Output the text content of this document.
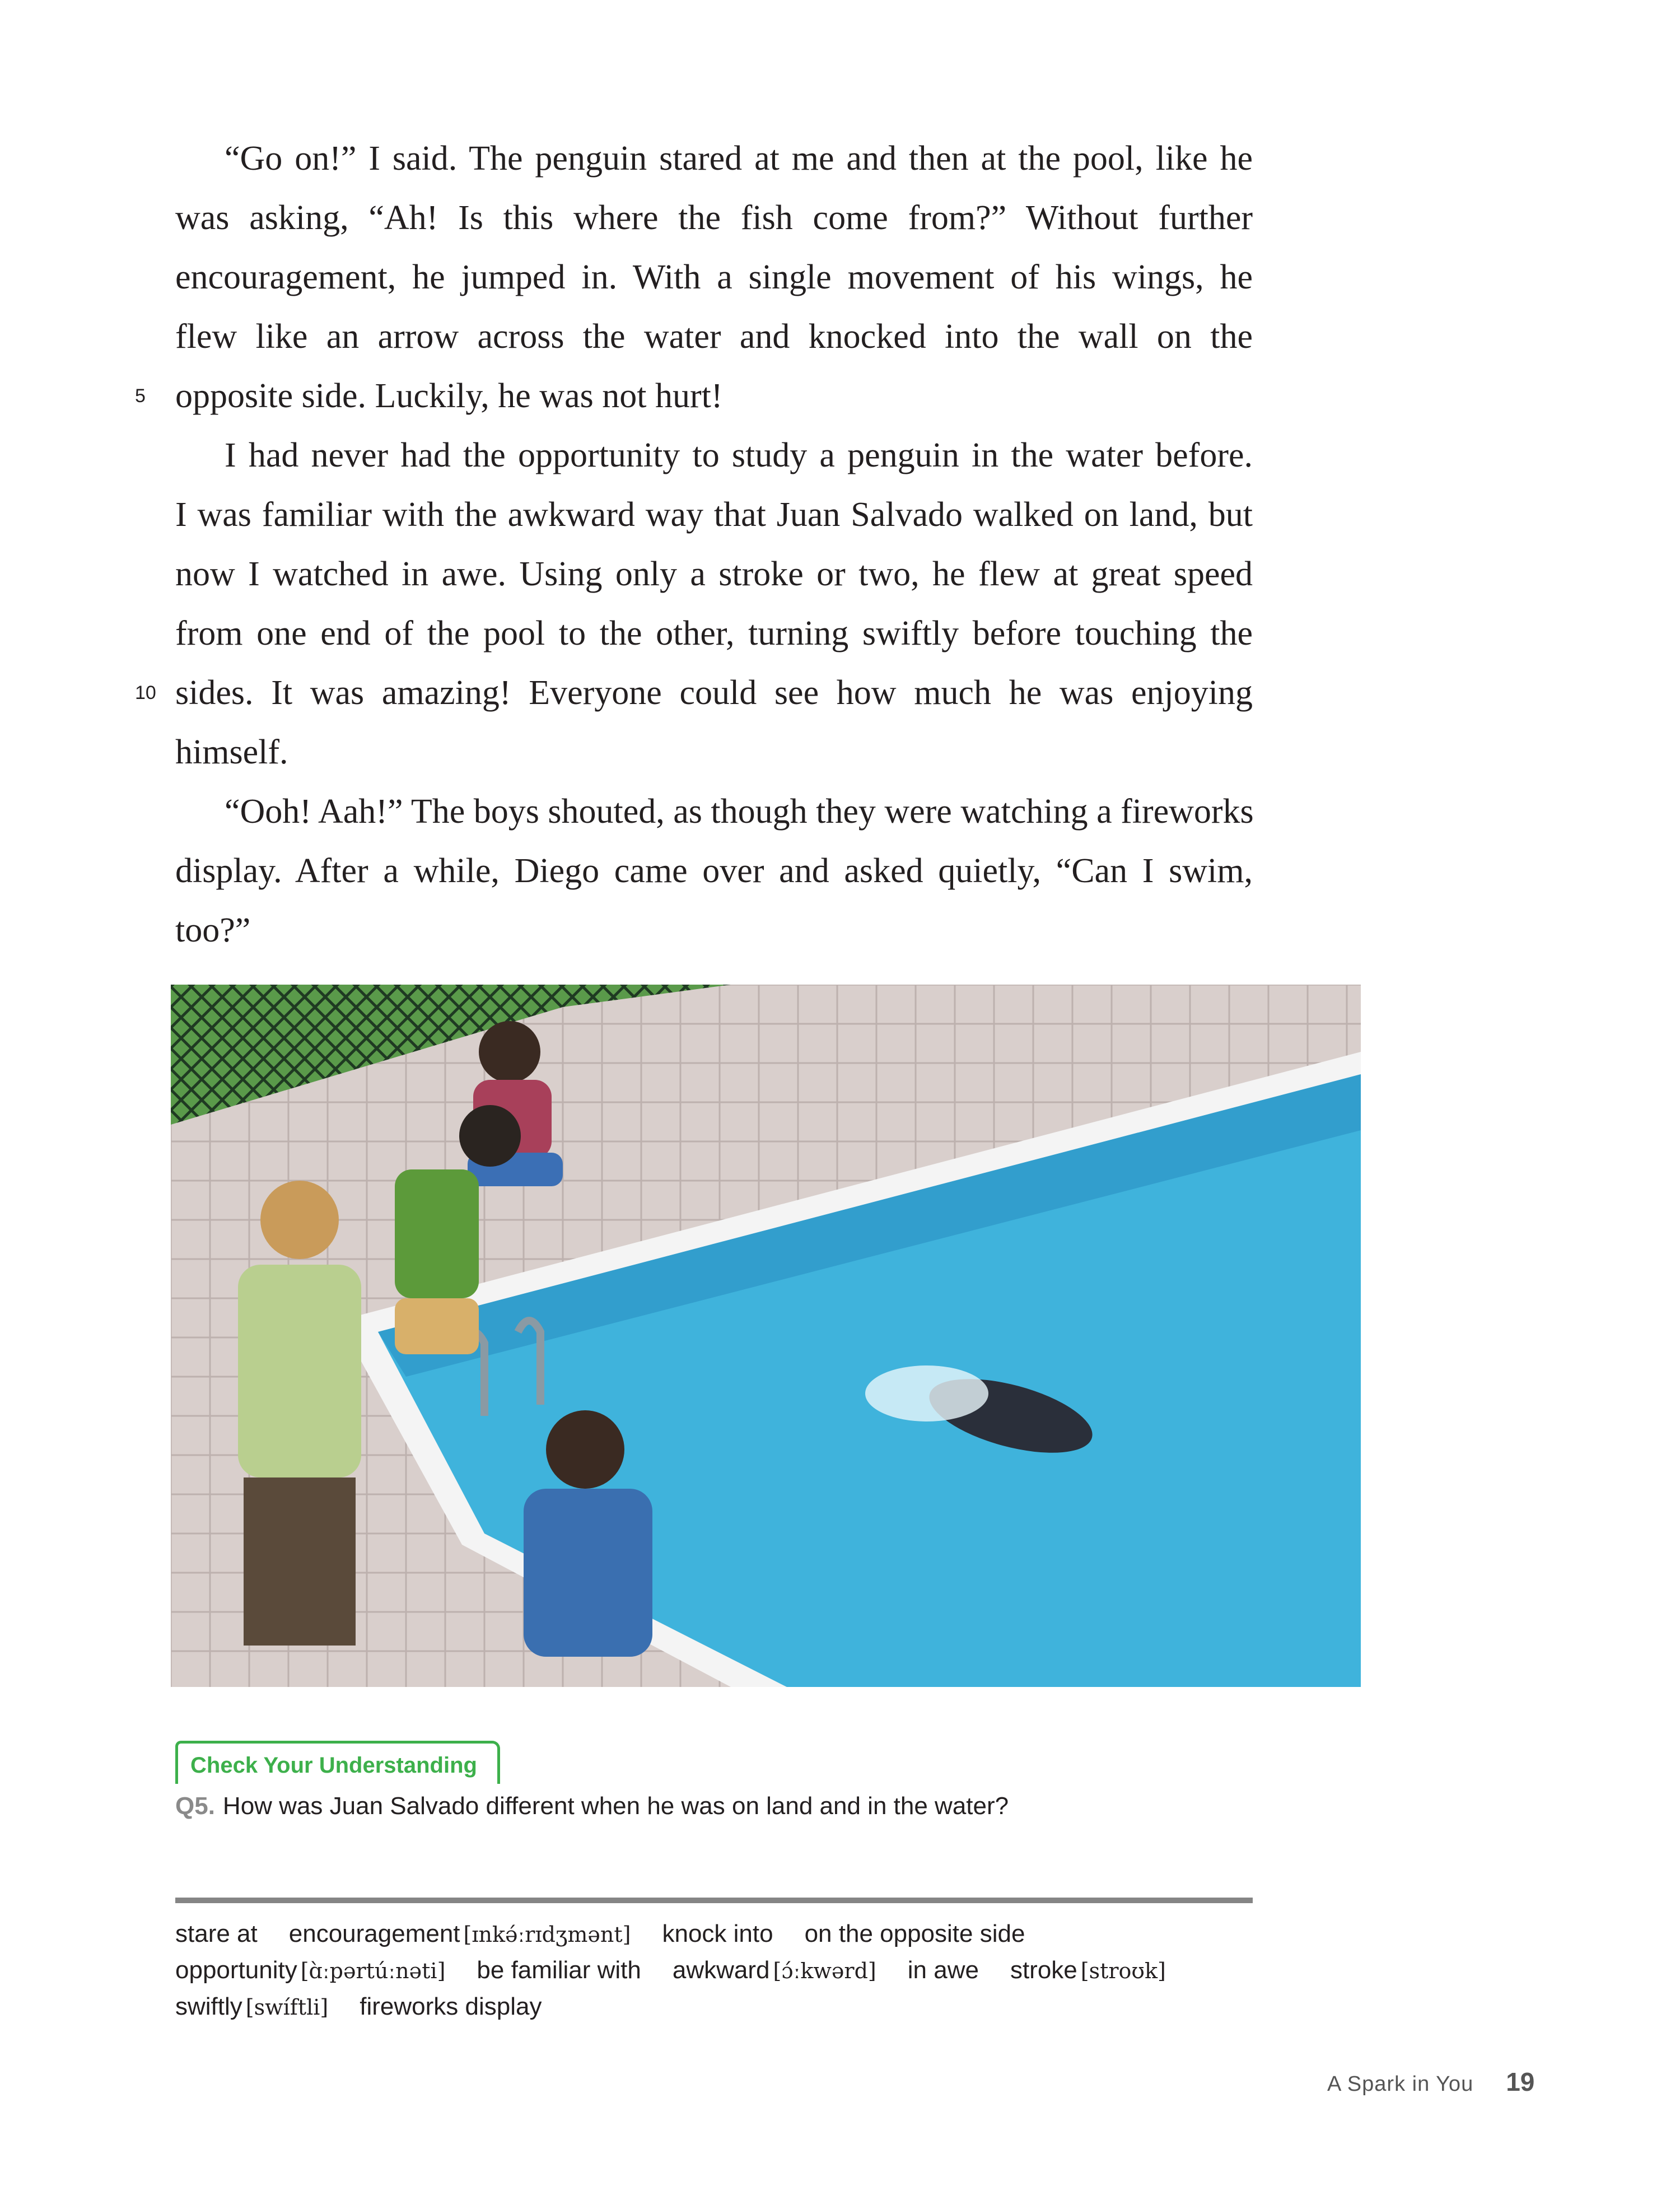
“Go on!” I said. The penguin stared at me and then at the pool, like he
was asking, “Ah! Is this where the fish come from?” Without further
encouragement, he jumped in. With a single movement of his wings, he
flew like an arrow across the water and knocked into the wall on the
opposite side. Luckily, he was not hurt!
5
I had never had the opportunity to study a penguin in the water before.
I was familiar with the awkward way that Juan Salvado walked on land, but
now I watched in awe. Using only a stroke or two, he flew at great speed
from one end of the pool to the other, turning swiftly before touching the
sides. It was amazing! Everyone could see how much he was enjoying
10
himself.
“Ooh! Aah!” The boys shouted, as though they were watching a fireworks
display. After a while, Diego came over and asked quietly, “Can I swim,
too?”
Check Your Understanding
Q5. How was Juan Salvado different when he was on land and in the water?
stare at encouragement [ɪnkə́ːrɪdʒmənt] knock into on the opposite side
opportunity [ɑ̀ːpərtúːnəti] be familiar with awkward [ɔ́ːkwərd] in awe stroke [stroʊk]
swiftly [swíftli] fireworks display
A Spark in You 19
